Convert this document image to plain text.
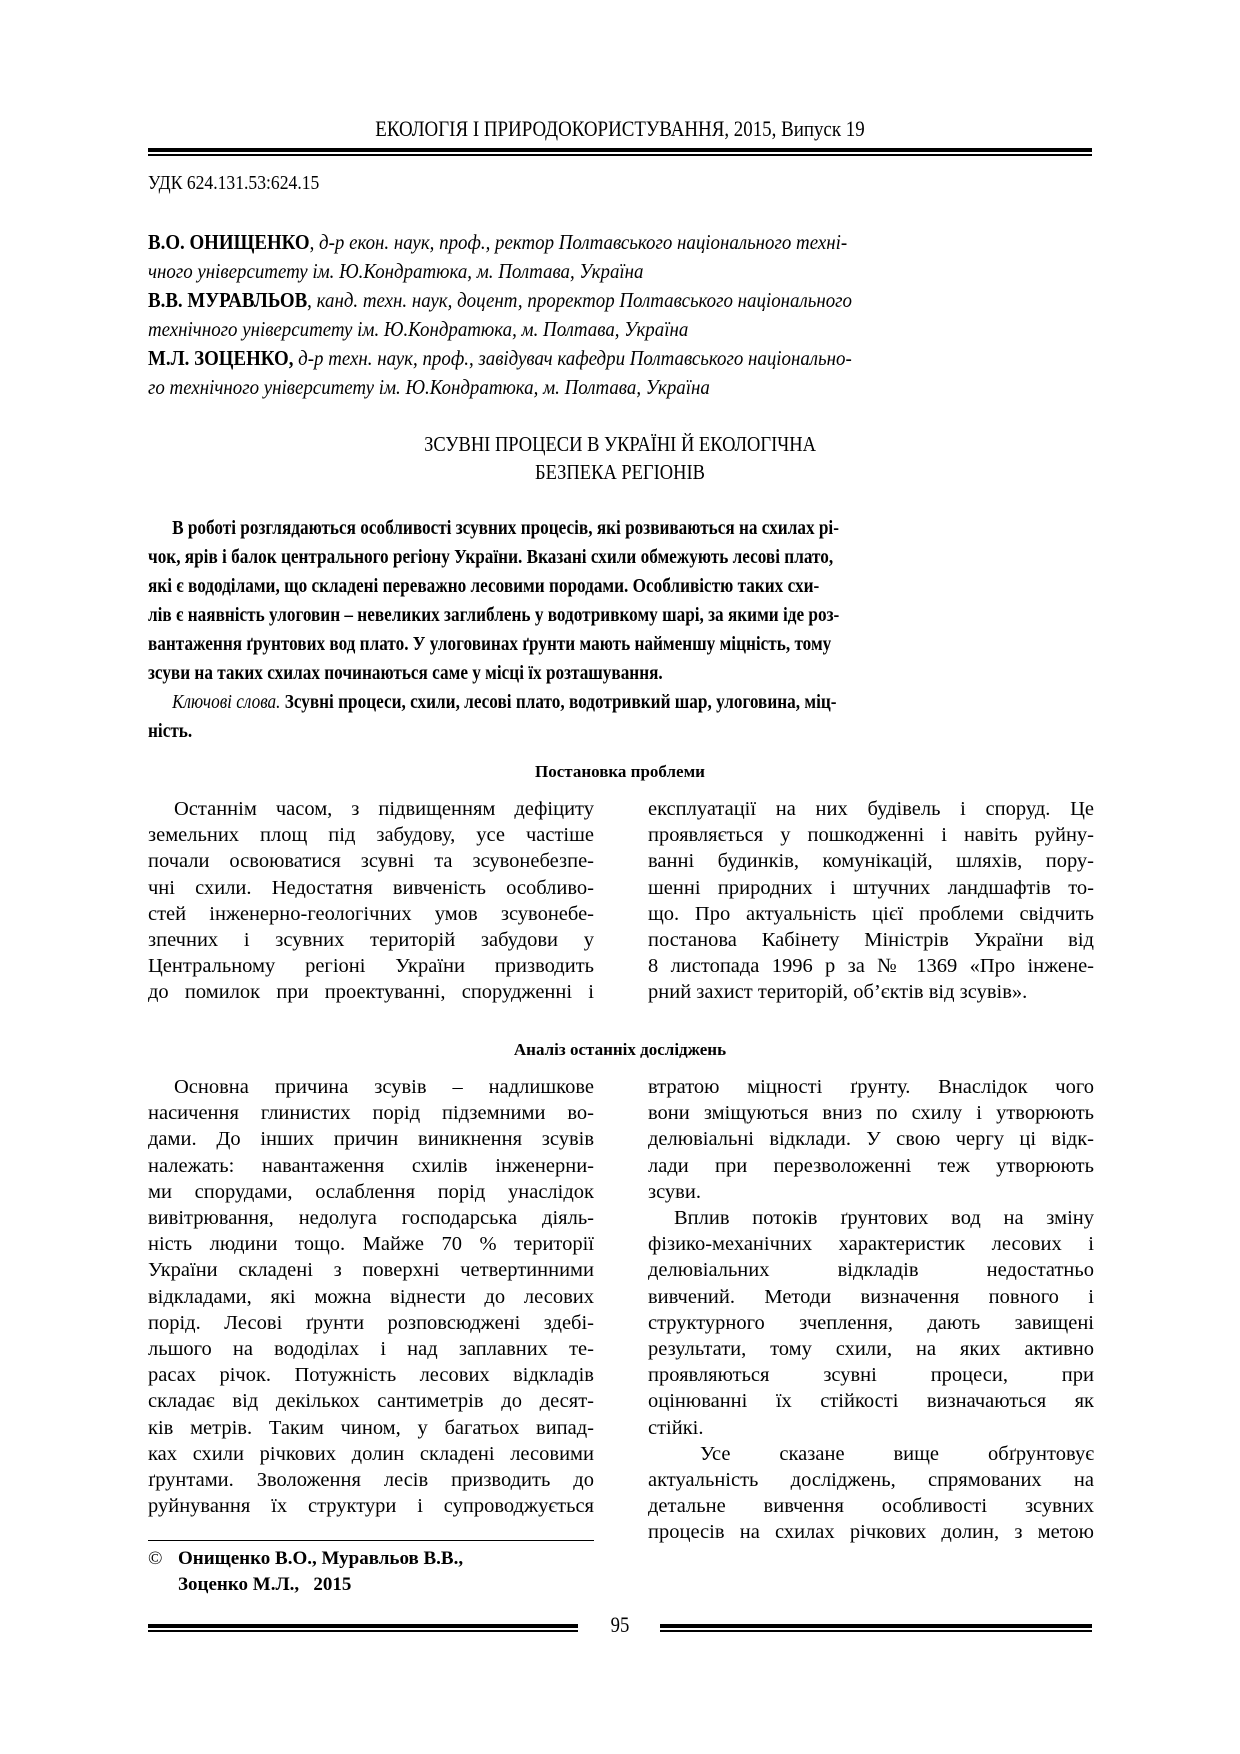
ЕКОЛОГІЯ І ПРИРОДОКОРИСТУВАННЯ, 2015, Випуск 19
УДК 624.131.53:624.15

В.О. ОНИЩЕНКО, д-р екон. наук, проф., ректор Полтавського національного техні-
чного університету ім. Ю.Кондратюка, м. Полтава, Україна

В.В. МУРАВЛЬОВ, канд. техн. наук, доцент, проректор Полтавського національного
технічного університету ім. Ю.Кондратюка, м. Полтава, Україна

М.Л. ЗОЦЕНКО, д-р техн. наук, проф., завідувач кафедри Полтавського національно-
го технічного університету ім. Ю.Кондратюка, м. Полтава, Україна

ЗСУВНІ ПРОЦЕСИ В УКРАЇНІ Й ЕКОЛОГІЧНА
БЕЗПЕКА РЕГІОНІВ
В роботі розглядаються особливості зсувних процесів, які розвиваються на схилах рі-
чок, ярів і балок центрального регіону України. Вказані схили обмежують лесові плато,
які є вододілами, що складені переважно лесовими породами. Особливістю таких схи-
лів є наявність улоговин – невеликих заглиблень у водотривкому шарі, за якими іде роз-
вантаження ґрунтових вод плато. У улоговинах ґрунти мають найменшу міцність, тому
зсуви на таких схилах починаються саме у місці їх розташування.
Ключові слова. Зсувні процеси, схили, лесові плато, водотривкий шар, улоговина, міц-
ність.
Постановка проблеми
Останнім часом, з підвищенням дефіциту
земельних площ під забудову, усе частіше
почали освоюватися зсувні та зсувонебезпе-
чні схили. Недостатня вивченість особливо-
стей інженерно-геологічних умов зсувонебе-
зпечних і зсувних територій забудови у
Центральному регіоні України призводить
до помилок при проектуванні, спорудженні і
експлуатації на них будівель і споруд. Це
проявляється у пошкодженні і навіть руйну-
ванні будинків, комунікацій, шляхів, пору-
шенні природних і штучних ландшафтів то-
що. Про актуальність цієї проблеми свідчить
постанова Кабінету Міністрів України від
8 листопада 1996 р за № 1369 «Про інжене-
рний захист територій, об’єктів від зсувів».
Аналіз останніх досліджень
Основна причина зсувів – надлишкове
насичення глинистих порід підземними во-
дами. До інших причин виникнення зсувів
належать: навантаження схилів інженерни-
ми спорудами, ослаблення порід унаслідок
вивітрювання, недолуга господарська діяль-
ність людини тощо. Майже 70 % території
України складені з поверхні четвертинними
відкладами, які можна віднести до лесових
порід. Лесові ґрунти розповсюджені здебі-
льшого на вододілах і над заплавних те-
расах річок. Потужність лесових відкладів
складає від декількох сантиметрів до десят-
ків метрів. Таким чином, у багатьох випад-
ках схили річкових долин складені лесовими
ґрунтами. Зволоження лесів призводить до
руйнування їх структури і супроводжується
втратою міцності ґрунту. Внаслідок чого
вони зміщуються вниз по схилу і утворюють
делювіальні відклади. У свою чергу ці відк-
лади при перезволоженні теж утворюють
зсуви.
Вплив потоків ґрунтових вод на зміну
фізико-механічних характеристик лесових і
делювіальних відкладів недостатньо
вивчений. Методи визначення повного і
структурного зчеплення, дають завищені
результати, тому схили, на яких активно
проявляються зсувні процеси, при
оцінюванні їх стійкості визначаються як
стійкі.
Усе сказане вище обґрунтовує
актуальність досліджень, спрямованих на
детальне вивчення особливості зсувних
процесів на схилах річкових долин, з метою
© Онищенко В.О., Муравльов В.В.,
Зоценко М.Л.,   2015
95
